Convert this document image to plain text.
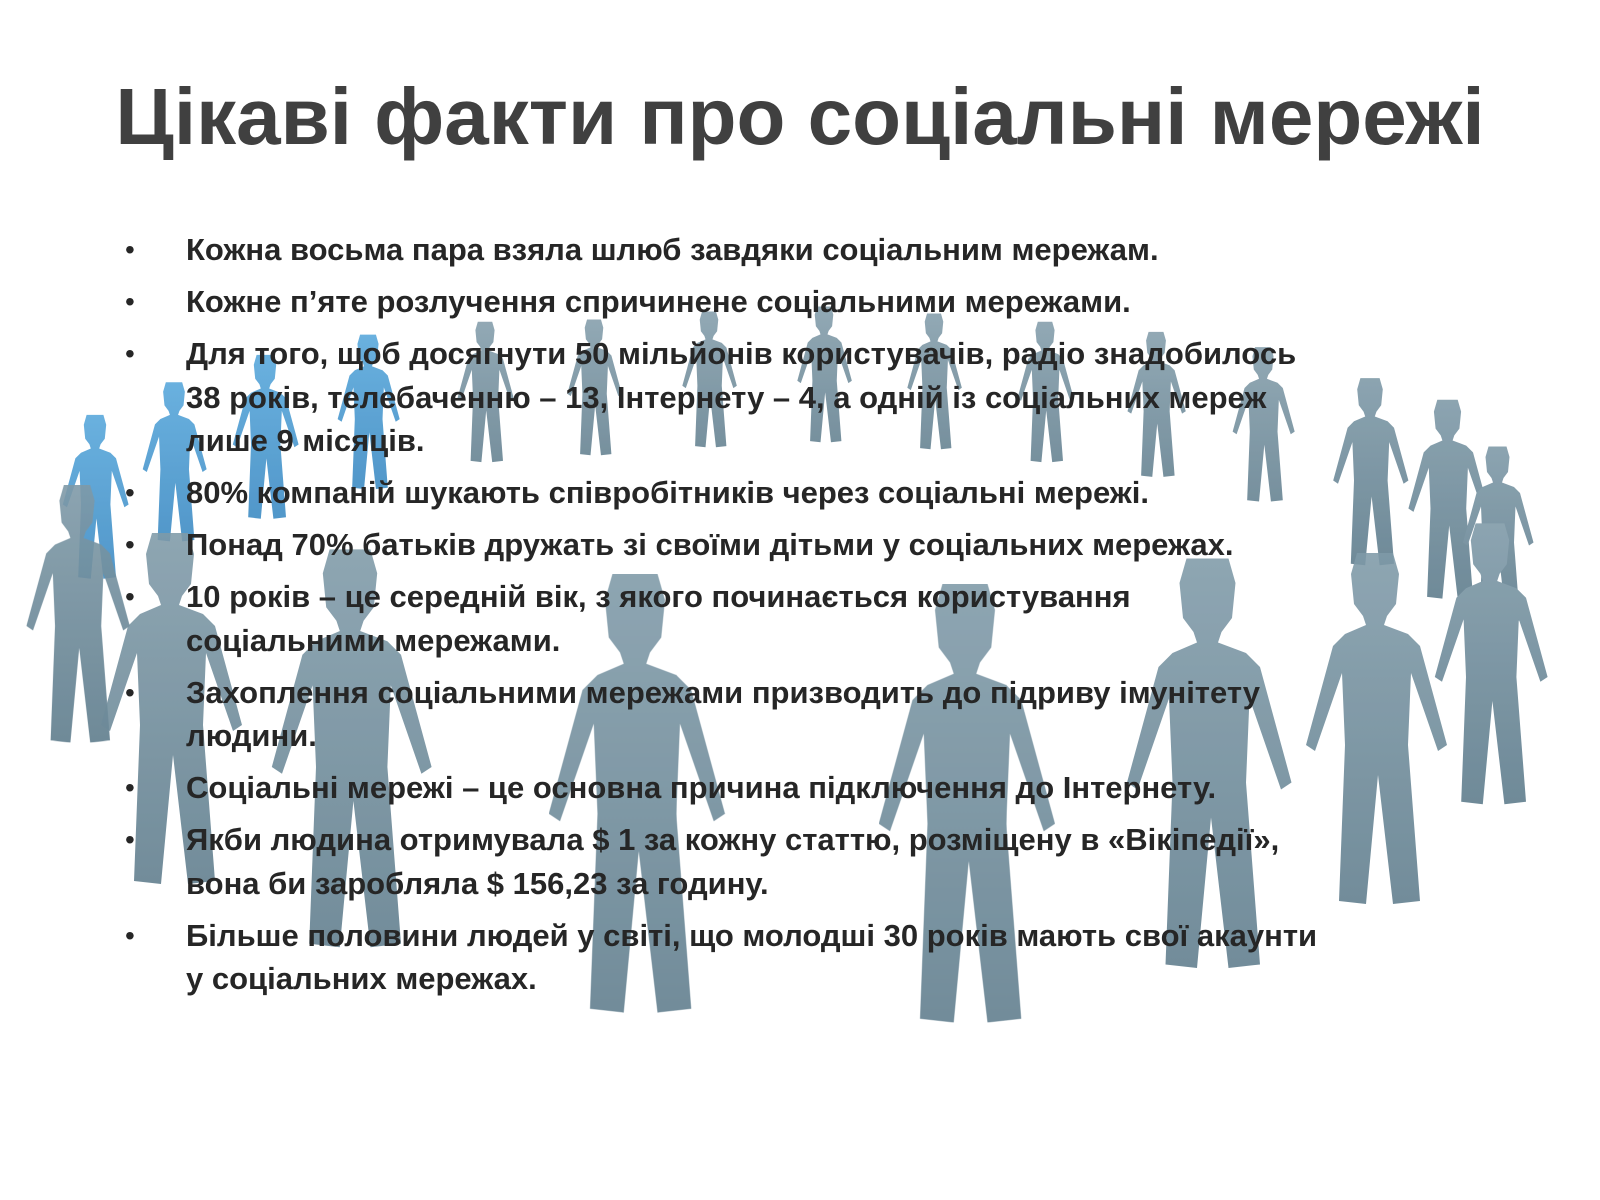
Цікаві факти про соціальні мережі
• Кожна восьма пара взяла шлюб завдяки соціальним мережам.
• Кожне п’яте розлучення спричинене соціальними мережами.
• Для того, щоб досягнути 50 мільйонів користувачів, радіо знадобилось
38 років, телебаченню – 13, Інтернету – 4, а одній із соціальних мереж
лише 9 місяців.
• 80% компаній шукають співробітників через соціальні мережі.
• Понад 70% батьків дружать зі своїми дітьми у соціальних мережах.
• 10 років – це середній вік, з якого починається користування
соціальними мережами.
• Захоплення соціальними мережами призводить до підриву імунітету
людини.
• Соціальні мережі – це основна причина підключення до Інтернету.
• Якби людина отримувала $ 1 за кожну статтю, розміщену в «Вікіпедії»,
вона би заробляла $ 156,23 за годину.
• Більше половини людей у світі, що молодші 30 років мають свої акаунти
у соціальних мережах.
